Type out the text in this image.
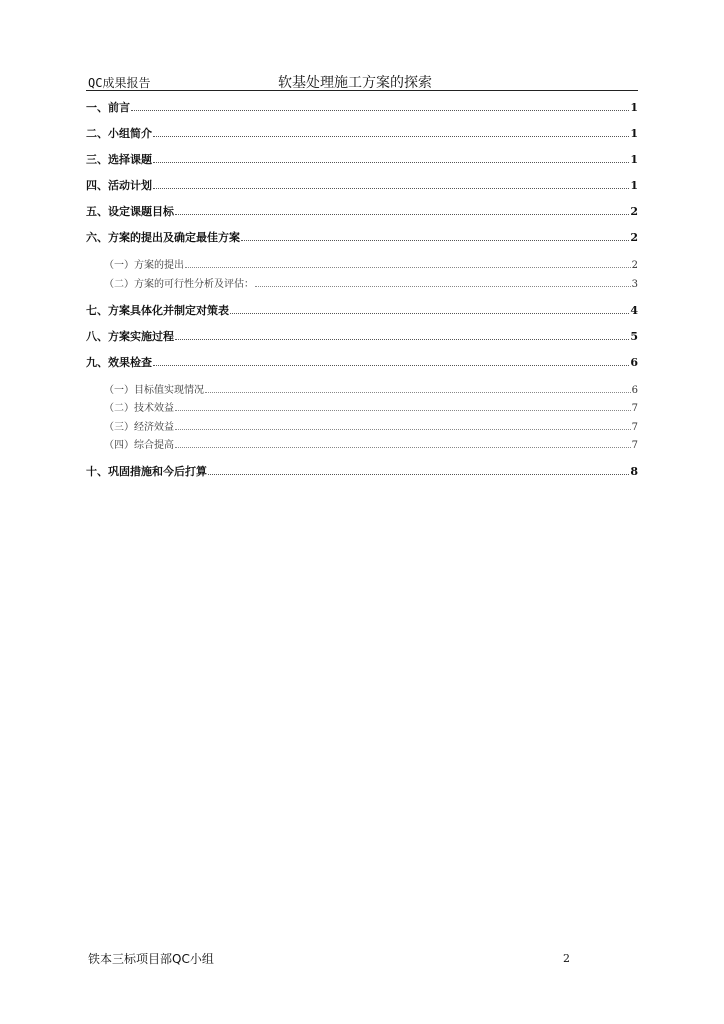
QC成果报告	软基处理施工方案的探索
一、前言	1
二、小组简介	1
三、选择课题	1
四、活动计划	1
五、设定课题目标	2
六、方案的提出及确定最佳方案	2
（一）方案的提出	2
（二）方案的可行性分析及评估：	3
七、方案具体化并制定对策表	4
八、方案实施过程	5
九、效果检查	6
（一）目标值实现情况	6
（二）技术效益	7
（三）经济效益	7
（四）综合提高	7
十、巩固措施和今后打算	8
铁本三标项目部QC小组	2
